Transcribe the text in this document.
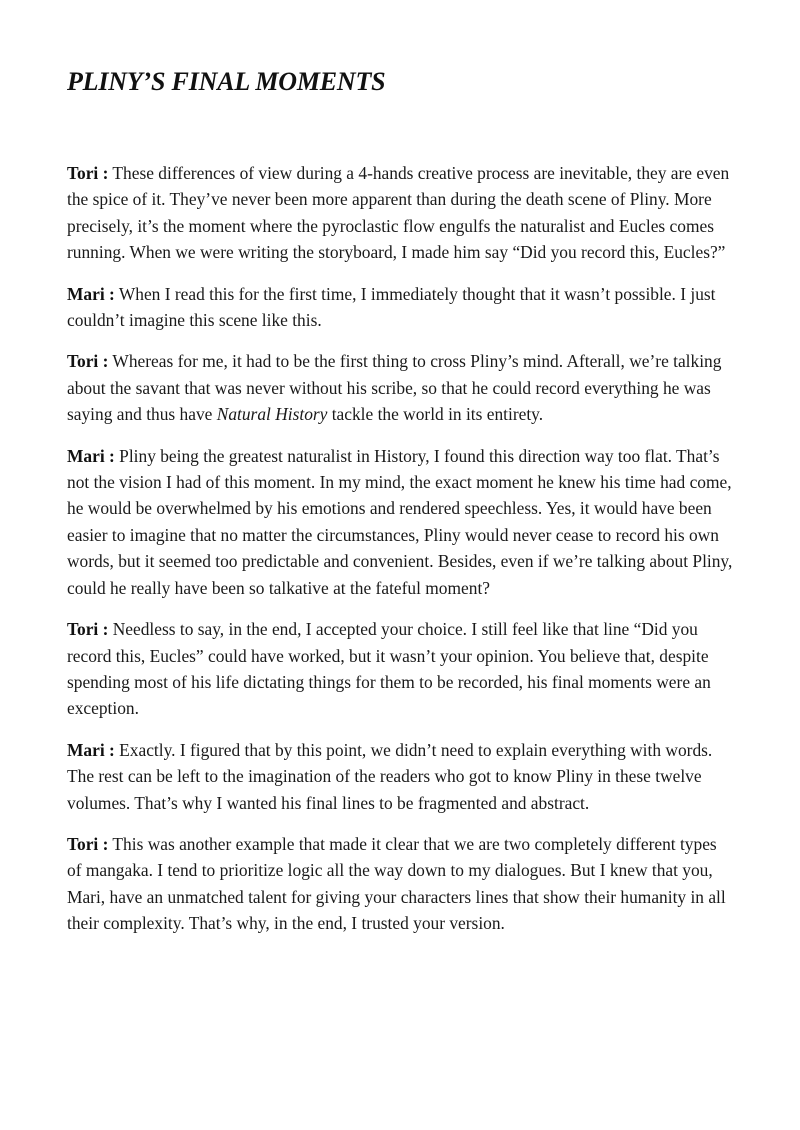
PLINY’S FINAL MOMENTS

Tori : These differences of view during a 4-hands creative process are inevitable, they are even the spice of it. They’ve never been more apparent than during the death scene of Pliny. More precisely, it’s the moment where the pyroclastic flow engulfs the naturalist and Eucles comes running. When we were writing the storyboard, I made him say “Did you record this, Eucles?”

Mari : When I read this for the first time, I immediately thought that it wasn’t possible. I just couldn’t imagine this scene like this.

Tori : Whereas for me, it had to be the first thing to cross Pliny’s mind. Afterall, we’re talking about the savant that was never without his scribe, so that he could record everything he was saying and thus have Natural History tackle the world in its entirety.

Mari : Pliny being the greatest naturalist in History, I found this direction way too flat. That’s not the vision I had of this moment. In my mind, the exact moment he knew his time had come, he would be overwhelmed by his emotions and rendered speechless. Yes, it would have been easier to imagine that no matter the circumstances, Pliny would never cease to record his own words, but it seemed too predictable and convenient. Besides, even if we’re talking about Pliny, could he really have been so talkative at the fateful moment?

Tori : Needless to say, in the end, I accepted your choice. I still feel like that line “Did you record this, Eucles” could have worked, but it wasn’t your opinion. You believe that, despite spending most of his life dictating things for them to be recorded, his final moments were an exception.

Mari : Exactly. I figured that by this point, we didn’t need to explain everything with words. The rest can be left to the imagination of the readers who got to know Pliny in these twelve volumes. That’s why I wanted his final lines to be fragmented and abstract.

Tori : This was another example that made it clear that we are two completely different types of mangaka. I tend to prioritize logic all the way down to my dialogues. But I knew that you, Mari, have an unmatched talent for giving your characters lines that show their humanity in all their complexity. That’s why, in the end, I trusted your version.
